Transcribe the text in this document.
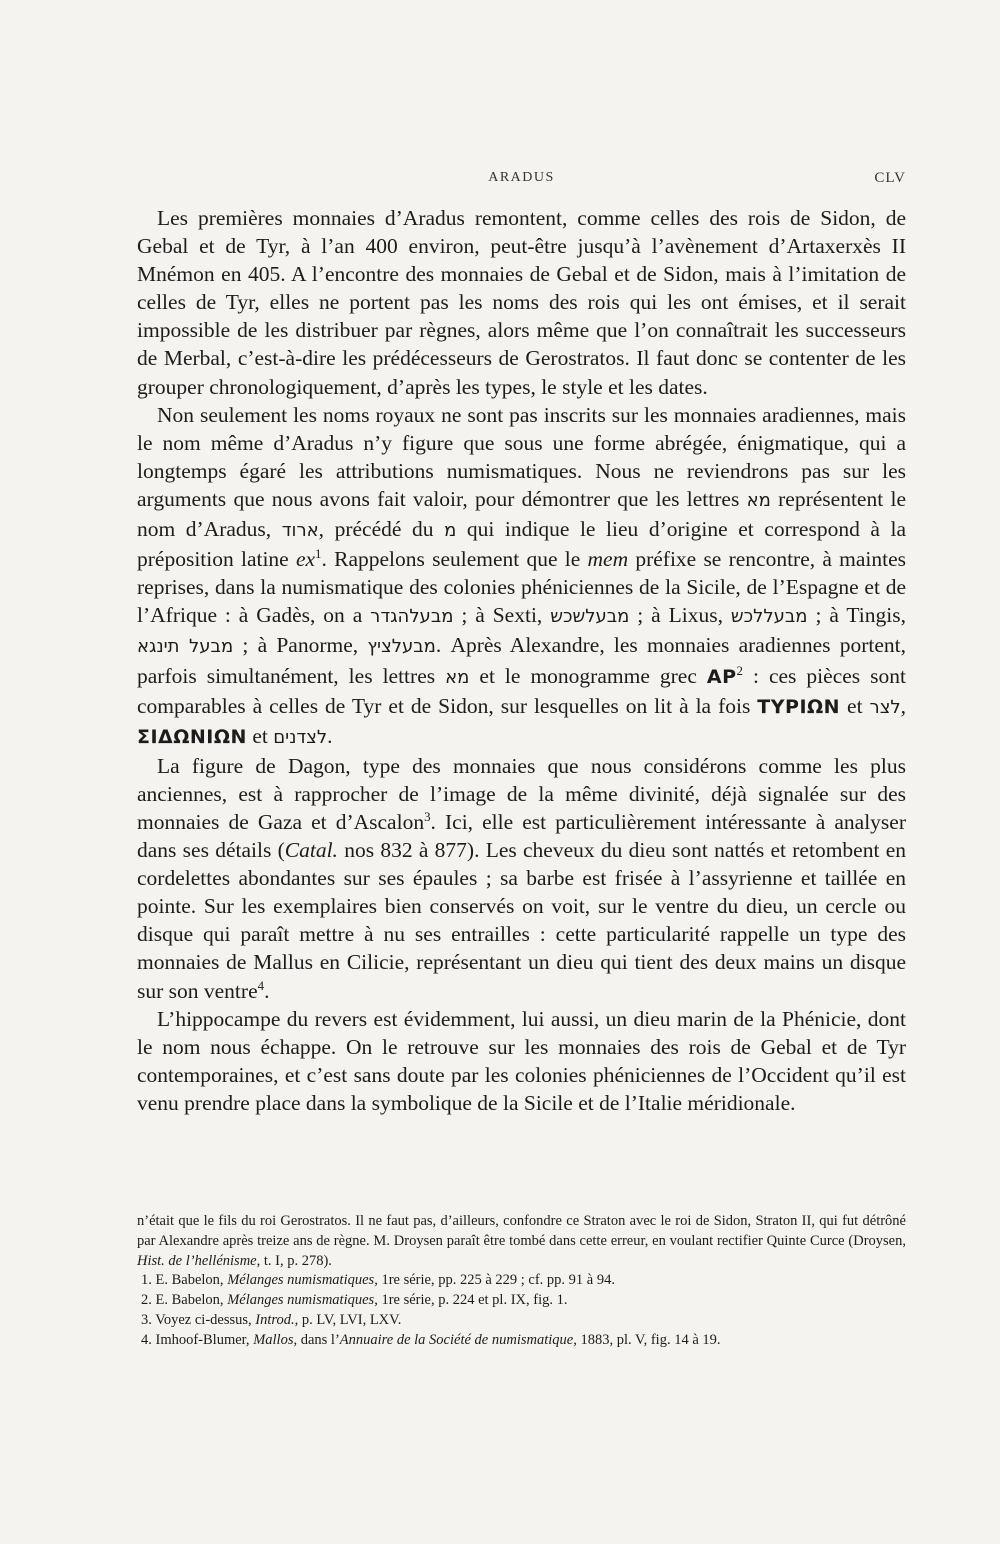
ARADUS	CLV

Les premières monnaies d’Aradus remontent, comme celles des rois de Sidon, de Gebal et de Tyr, à l’an 400 environ, peut-être jusqu’à l’avènement d’Artaxerxès II Mnémon en 405. A l’encontre des monnaies de Gebal et de Sidon, mais à l’imitation de celles de Tyr, elles ne portent pas les noms des rois qui les ont émises, et il serait impossible de les distribuer par règnes, alors même que l’on connaîtrait les successeurs de Merbal, c’est-à-dire les prédécesseurs de Gerostratos. Il faut donc se contenter de les grouper chronologiquement, d’après les types, le style et les dates.

Non seulement les noms royaux ne sont pas inscrits sur les monnaies aradiennes, mais le nom même d’Aradus n’y figure que sous une forme abrégée, énigmatique, qui a longtemps égaré les attributions numismatiques. Nous ne reviendrons pas sur les arguments que nous avons fait valoir, pour démontrer que les lettres מא représentent le nom d’Aradus, ארוד, précédé du מ qui indique le lieu d’origine et correspond à la préposition latine $ex^1$. Rappelons seulement que le mem préfixe se rencontre, à maintes reprises, dans la numismatique des colonies phéniciennes de la Sicile, de l’Espagne et de l’Afrique : à Gadès, on a מבעלהגדר ; à Sexti, מבעלשכש ; à Lixus, מבעללכש ; à Tingis, מבעל תינגא ; à Panorme, מבעלציץ. Après Alexandre, les monnaies aradiennes portent, parfois simultanément, les lettres מא et le monogramme grec $AP^2$ : ces pièces sont comparables à celles de Tyr et de Sidon, sur lesquelles on lit à la fois ΤΥΡΙΩΝ et לצר, ΣΙΔΩΝΙΩΝ et לצדנים.

La figure de Dagon, type des monnaies que nous considérons comme les plus anciennes, est à rapprocher de l’image de la même divinité, déjà signalée sur des monnaies de Gaza et d’Ascalon$^3$. Ici, elle est particulièrement intéressante à analyser dans ses détails (Catal. nos 832 à 877). Les cheveux du dieu sont nattés et retombent en cordelettes abondantes sur ses épaules ; sa barbe est frisée à l’assyrienne et taillée en pointe. Sur les exemplaires bien conservés on voit, sur le ventre du dieu, un cercle ou disque qui paraît mettre à nu ses entrailles : cette particularité rappelle un type des monnaies de Mallus en Cilicie, représentant un dieu qui tient des deux mains un disque sur son ventre$^4$.

L’hippocampe du revers est évidemment, lui aussi, un dieu marin de la Phénicie, dont le nom nous échappe. On le retrouve sur les monnaies des rois de Gebal et de Tyr contemporaines, et c’est sans doute par les colonies phéniciennes de l’Occident qu’il est venu prendre place dans la symbolique de la Sicile et de l’Italie méridionale.

n’était que le fils du roi Gerostratos. Il ne faut pas, d’ailleurs, confondre ce Straton avec le roi de Sidon, Straton II, qui fut détrôné par Alexandre après treize ans de règne. M. Droysen paraît être tombé dans cette erreur, en voulant rectifier Quinte Curce (Droysen, Hist. de l’hellénisme, t. I, p. 278).

1. E. Babelon, Mélanges numismatiques, 1re série, pp. 225 à 229 ; cf. pp. 91 à 94.
2. E. Babelon, Mélanges numismatiques, 1re série, p. 224 et pl. IX, fig. 1.
3. Voyez ci-dessus, Introd., p. LV, LVI, LXV.
4. Imhoof-Blumer, Mallos, dans l’Annuaire de la Société de numismatique, 1883, pl. V, fig. 14 à 19.
